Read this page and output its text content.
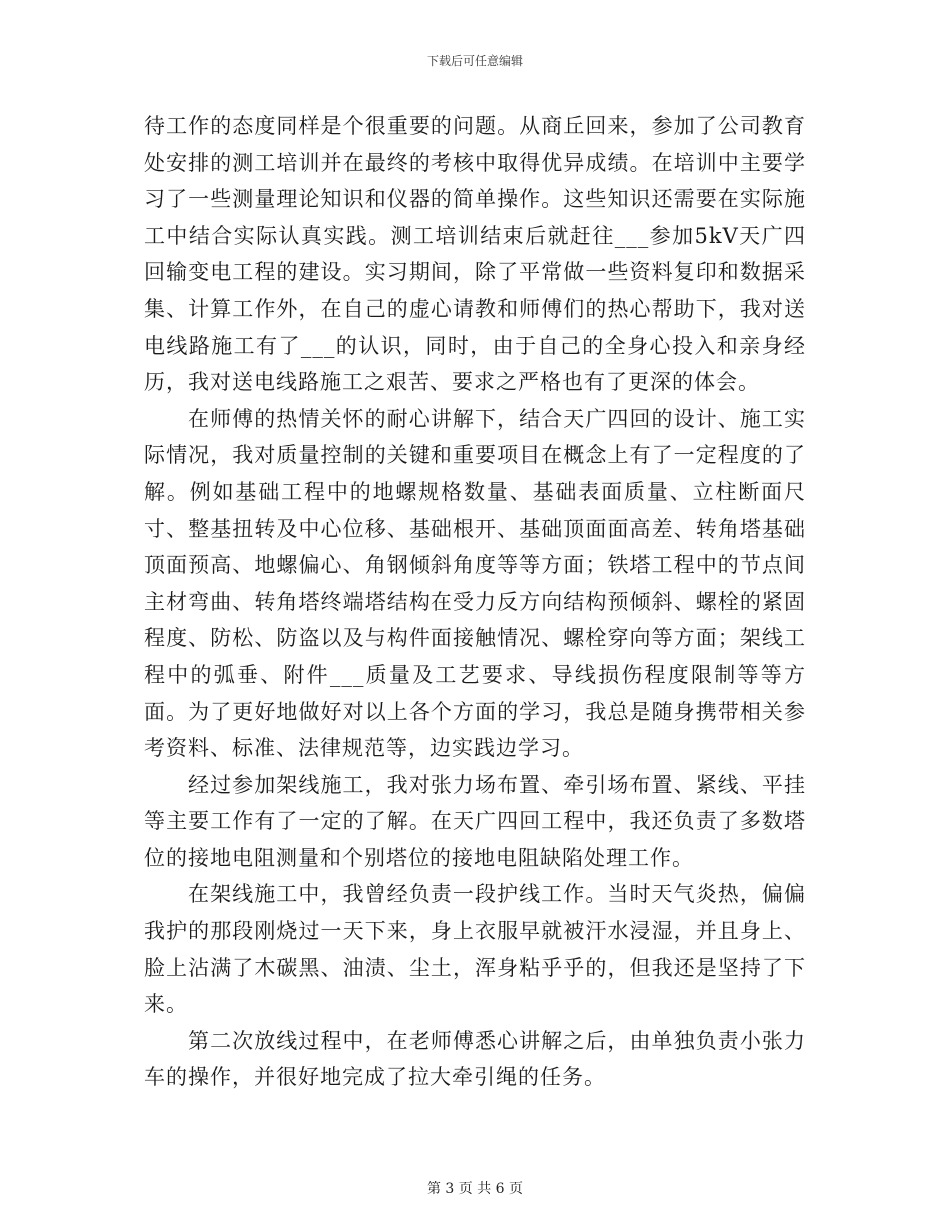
下载后可任意编辑

待工作的态度同样是个很重要的问题。从商丘回来，参加了公司教育处安排的测工培训并在最终的考核中取得优异成绩。在培训中主要学习了一些测量理论知识和仪器的简单操作。这些知识还需要在实际施工中结合实际认真实践。测工培训结束后就赶往___参加5kV天广四回输变电工程的建设。实习期间，除了平常做一些资料复印和数据采集、计算工作外，在自己的虚心请教和师傅们的热心帮助下，我对送电线路施工有了___的认识，同时，由于自己的全身心投入和亲身经历，我对送电线路施工之艰苦、要求之严格也有了更深的体会。

在师傅的热情关怀的耐心讲解下，结合天广四回的设计、施工实际情况，我对质量控制的关键和重要项目在概念上有了一定程度的了解。例如基础工程中的地螺规格数量、基础表面质量、立柱断面尺寸、整基扭转及中心位移、基础根开、基础顶面面高差、转角塔基础顶面预高、地螺偏心、角钢倾斜角度等等方面；铁塔工程中的节点间主材弯曲、转角塔终端塔结构在受力反方向结构预倾斜、螺栓的紧固程度、防松、防盗以及与构件面接触情况、螺栓穿向等方面；架线工程中的弧垂、附件___质量及工艺要求、导线损伤程度限制等等方面。为了更好地做好对以上各个方面的学习，我总是随身携带相关参考资料、标准、法律规范等，边实践边学习。

经过参加架线施工，我对张力场布置、牵引场布置、紧线、平挂等主要工作有了一定的了解。在天广四回工程中，我还负责了多数塔位的接地电阻测量和个别塔位的接地电阻缺陷处理工作。

在架线施工中，我曾经负责一段护线工作。当时天气炎热，偏偏我护的那段刚烧过一天下来，身上衣服早就被汗水浸湿，并且身上、脸上沾满了木碳黑、油渍、尘土，浑身粘乎乎的，但我还是坚持了下来。

第二次放线过程中，在老师傅悉心讲解之后，由单独负责小张力车的操作，并很好地完成了拉大牵引绳的任务。

第 3 页 共 6 页
